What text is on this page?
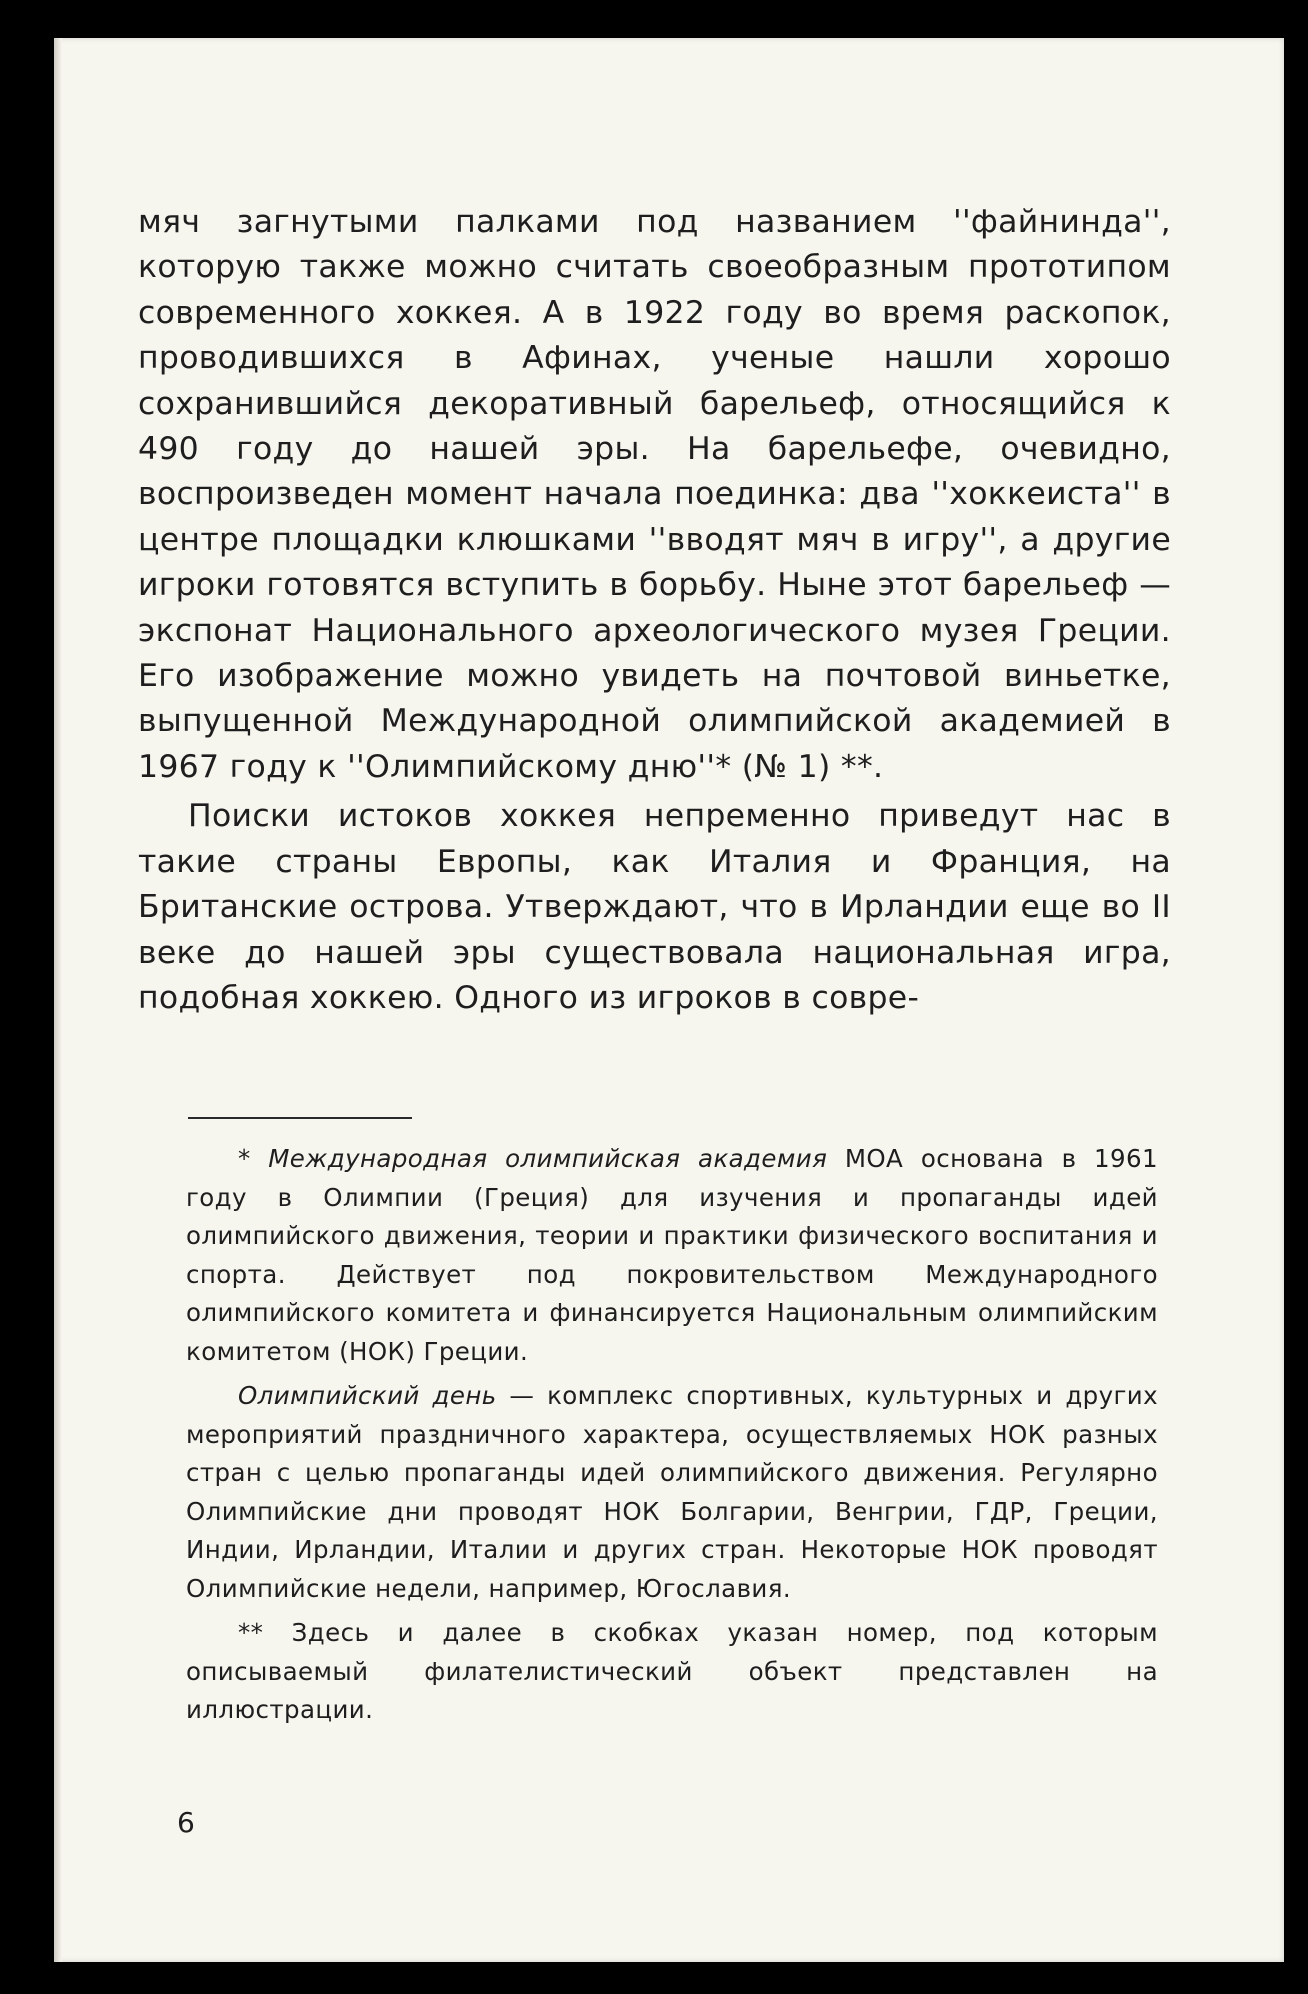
мяч загнутыми палками под названием ''файнинда'', которую также можно считать своеобразным прототипом современного хоккея. А в 1922 году во время раскопок, проводившихся в Афинах, ученые нашли хорошо сохранившийся декоративный барельеф, относящийся к 490 году до нашей эры. На барельефе, очевидно, воспроизведен момент начала поединка: два ''хоккеиста'' в центре площадки клюшками ''вводят мяч в игру'', а другие игроки готовятся вступить в борьбу. Ныне этот барельеф — экспонат Национального археологического музея Греции. Его изображение можно увидеть на почтовой виньетке, выпущенной Международной олимпийской академией в 1967 году к ''Олимпийскому дню''* (№ 1) **.

Поиски истоков хоккея непременно приведут нас в такие страны Европы, как Италия и Франция, на Британские острова. Утверждают, что в Ирландии еще во II веке до нашей эры существовала национальная игра, подобная хоккею. Одного из игроков в совре-

* Международная олимпийская академия МОА основана в 1961 году в Олимпии (Греция) для изучения и пропаганды идей олимпийского движения, теории и практики физического воспитания и спорта. Действует под покровительством Международного олимпийского комитета и финансируется Национальным олимпийским комитетом (НОК) Греции.

Олимпийский день — комплекс спортивных, культурных и других мероприятий праздничного характера, осуществляемых НОК разных стран с целью пропаганды идей олимпийского движения. Регулярно Олимпийские дни проводят НОК Болгарии, Венгрии, ГДР, Греции, Индии, Ирландии, Италии и других стран. Некоторые НОК проводят Олимпийские недели, например, Югославия.

** Здесь и далее в скобках указан номер, под которым описываемый филателистический объект представлен на иллюстрации.

6
